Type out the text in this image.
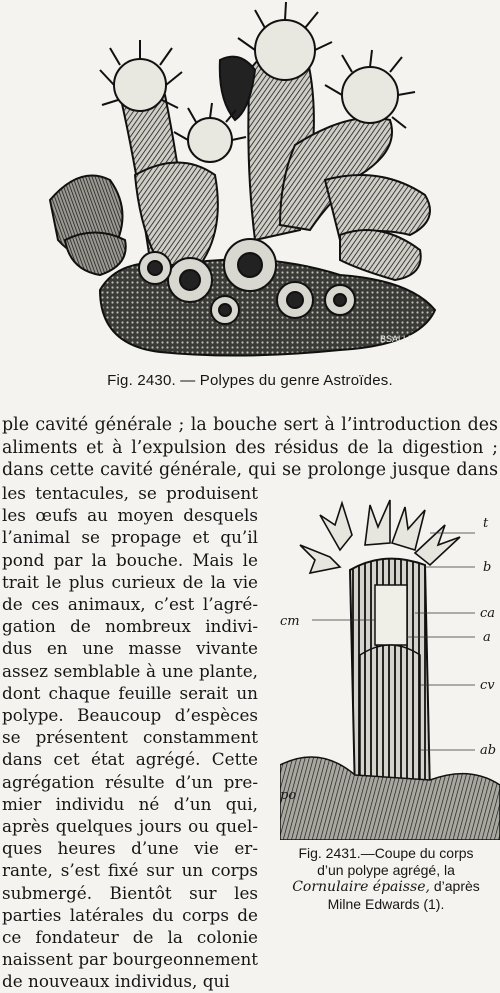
BSALLE
Fig. 2430. — Polypes du genre Astroïdes.
ple cavité générale ; la bouche sert à l’introduction des
aliments et à l’expulsion des résidus de la digestion ;
dans cette cavité générale, qui se prolonge jusque dans
les tentacules, se produisent
les œufs au moyen desquels
l’animal se propage et qu’il
pond par la bouche. Mais le
trait le plus curieux de la vie
de ces animaux, c’est l’agré-
gation de nombreux indivi-
dus en une masse vivante
assez semblable à une plante,
dont chaque feuille serait un
polype. Beaucoup d’espèces
se présentent constamment
dans cet état agrégé. Cette
agrégation résulte d’un pre-
mier individu né d’un qui,
après quelques jours ou quel-
ques heures d’une vie er-
rante, s’est fixé sur un corps
submergé. Bientôt sur les
parties latérales du corps de
ce fondateur de la colonie
naissent par bourgeonnement
de nouveaux individus, qui
t
b
ca
cm
a
cv
ab
po
Fig. 2431.—Coupe du corps
d’un polype agrégé, la
Cornulaire épaisse, d’après
Milne Edwards (1).
